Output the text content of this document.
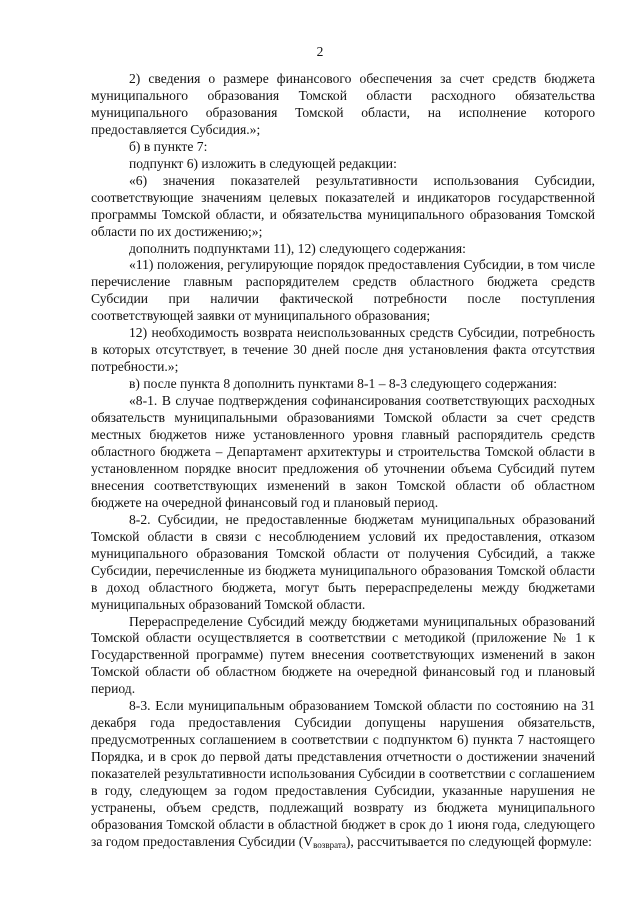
2

2) сведения о размере финансового обеспечения за счет средств бюджета муниципального образования Томской области расходного обязательства муниципального образования Томской области, на исполнение которого предоставляется Субсидия.»;

б) в пункте 7:

подпункт 6) изложить в следующей редакции:

«6) значения показателей результативности использования Субсидии, соответствующие значениям целевых показателей и индикаторов государственной программы Томской области, и обязательства муниципального образования Томской области по их достижению;»;

дополнить подпунктами 11), 12) следующего содержания:

«11) положения, регулирующие порядок предоставления Субсидии, в том числе перечисление главным распорядителем средств областного бюджета средств Субсидии при наличии фактической потребности после поступления соответствующей заявки от муниципального образования;

12) необходимость возврата неиспользованных средств Субсидии, потребность в которых отсутствует, в течение 30 дней после дня установления факта отсутствия потребности.»;

в) после пункта 8 дополнить пунктами 8-1 – 8-3 следующего содержания:

«8-1. В случае подтверждения софинансирования соответствующих расходных обязательств муниципальными образованиями Томской области за счет средств местных бюджетов ниже установленного уровня главный распорядитель средств областного бюджета – Департамент архитектуры и строительства Томской области в установленном порядке вносит предложения об уточнении объема Субсидий путем внесения соответствующих изменений в закон Томской области об областном бюджете на очередной финансовый год и плановый период.

8-2. Субсидии, не предоставленные бюджетам муниципальных образований Томской области в связи с несоблюдением условий их предоставления, отказом муниципального образования Томской области от получения Субсидий, а также Субсидии, перечисленные из бюджета муниципального образования Томской области в доход областного бюджета, могут быть перераспределены между бюджетами муниципальных образований Томской области.

Перераспределение Субсидий между бюджетами муниципальных образований Томской области осуществляется в соответствии с методикой (приложение № 1 к Государственной программе) путем внесения соответствующих изменений в закон Томской области об областном бюджете на очередной финансовый год и плановый период.

8-3. Если муниципальным образованием Томской области по состоянию на 31 декабря года предоставления Субсидии допущены нарушения обязательств, предусмотренных соглашением в соответствии с подпунктом 6) пункта 7 настоящего Порядка, и в срок до первой даты представления отчетности о достижении значений показателей результативности использования Субсидии в соответствии с соглашением в году, следующем за годом предоставления Субсидии, указанные нарушения не устранены, объем средств, подлежащий возврату из бюджета муниципального образования Томской области в областной бюджет в срок до 1 июня года, следующего за годом предоставления Субсидии $(V_{возврата})$, рассчитывается по следующей формуле:
